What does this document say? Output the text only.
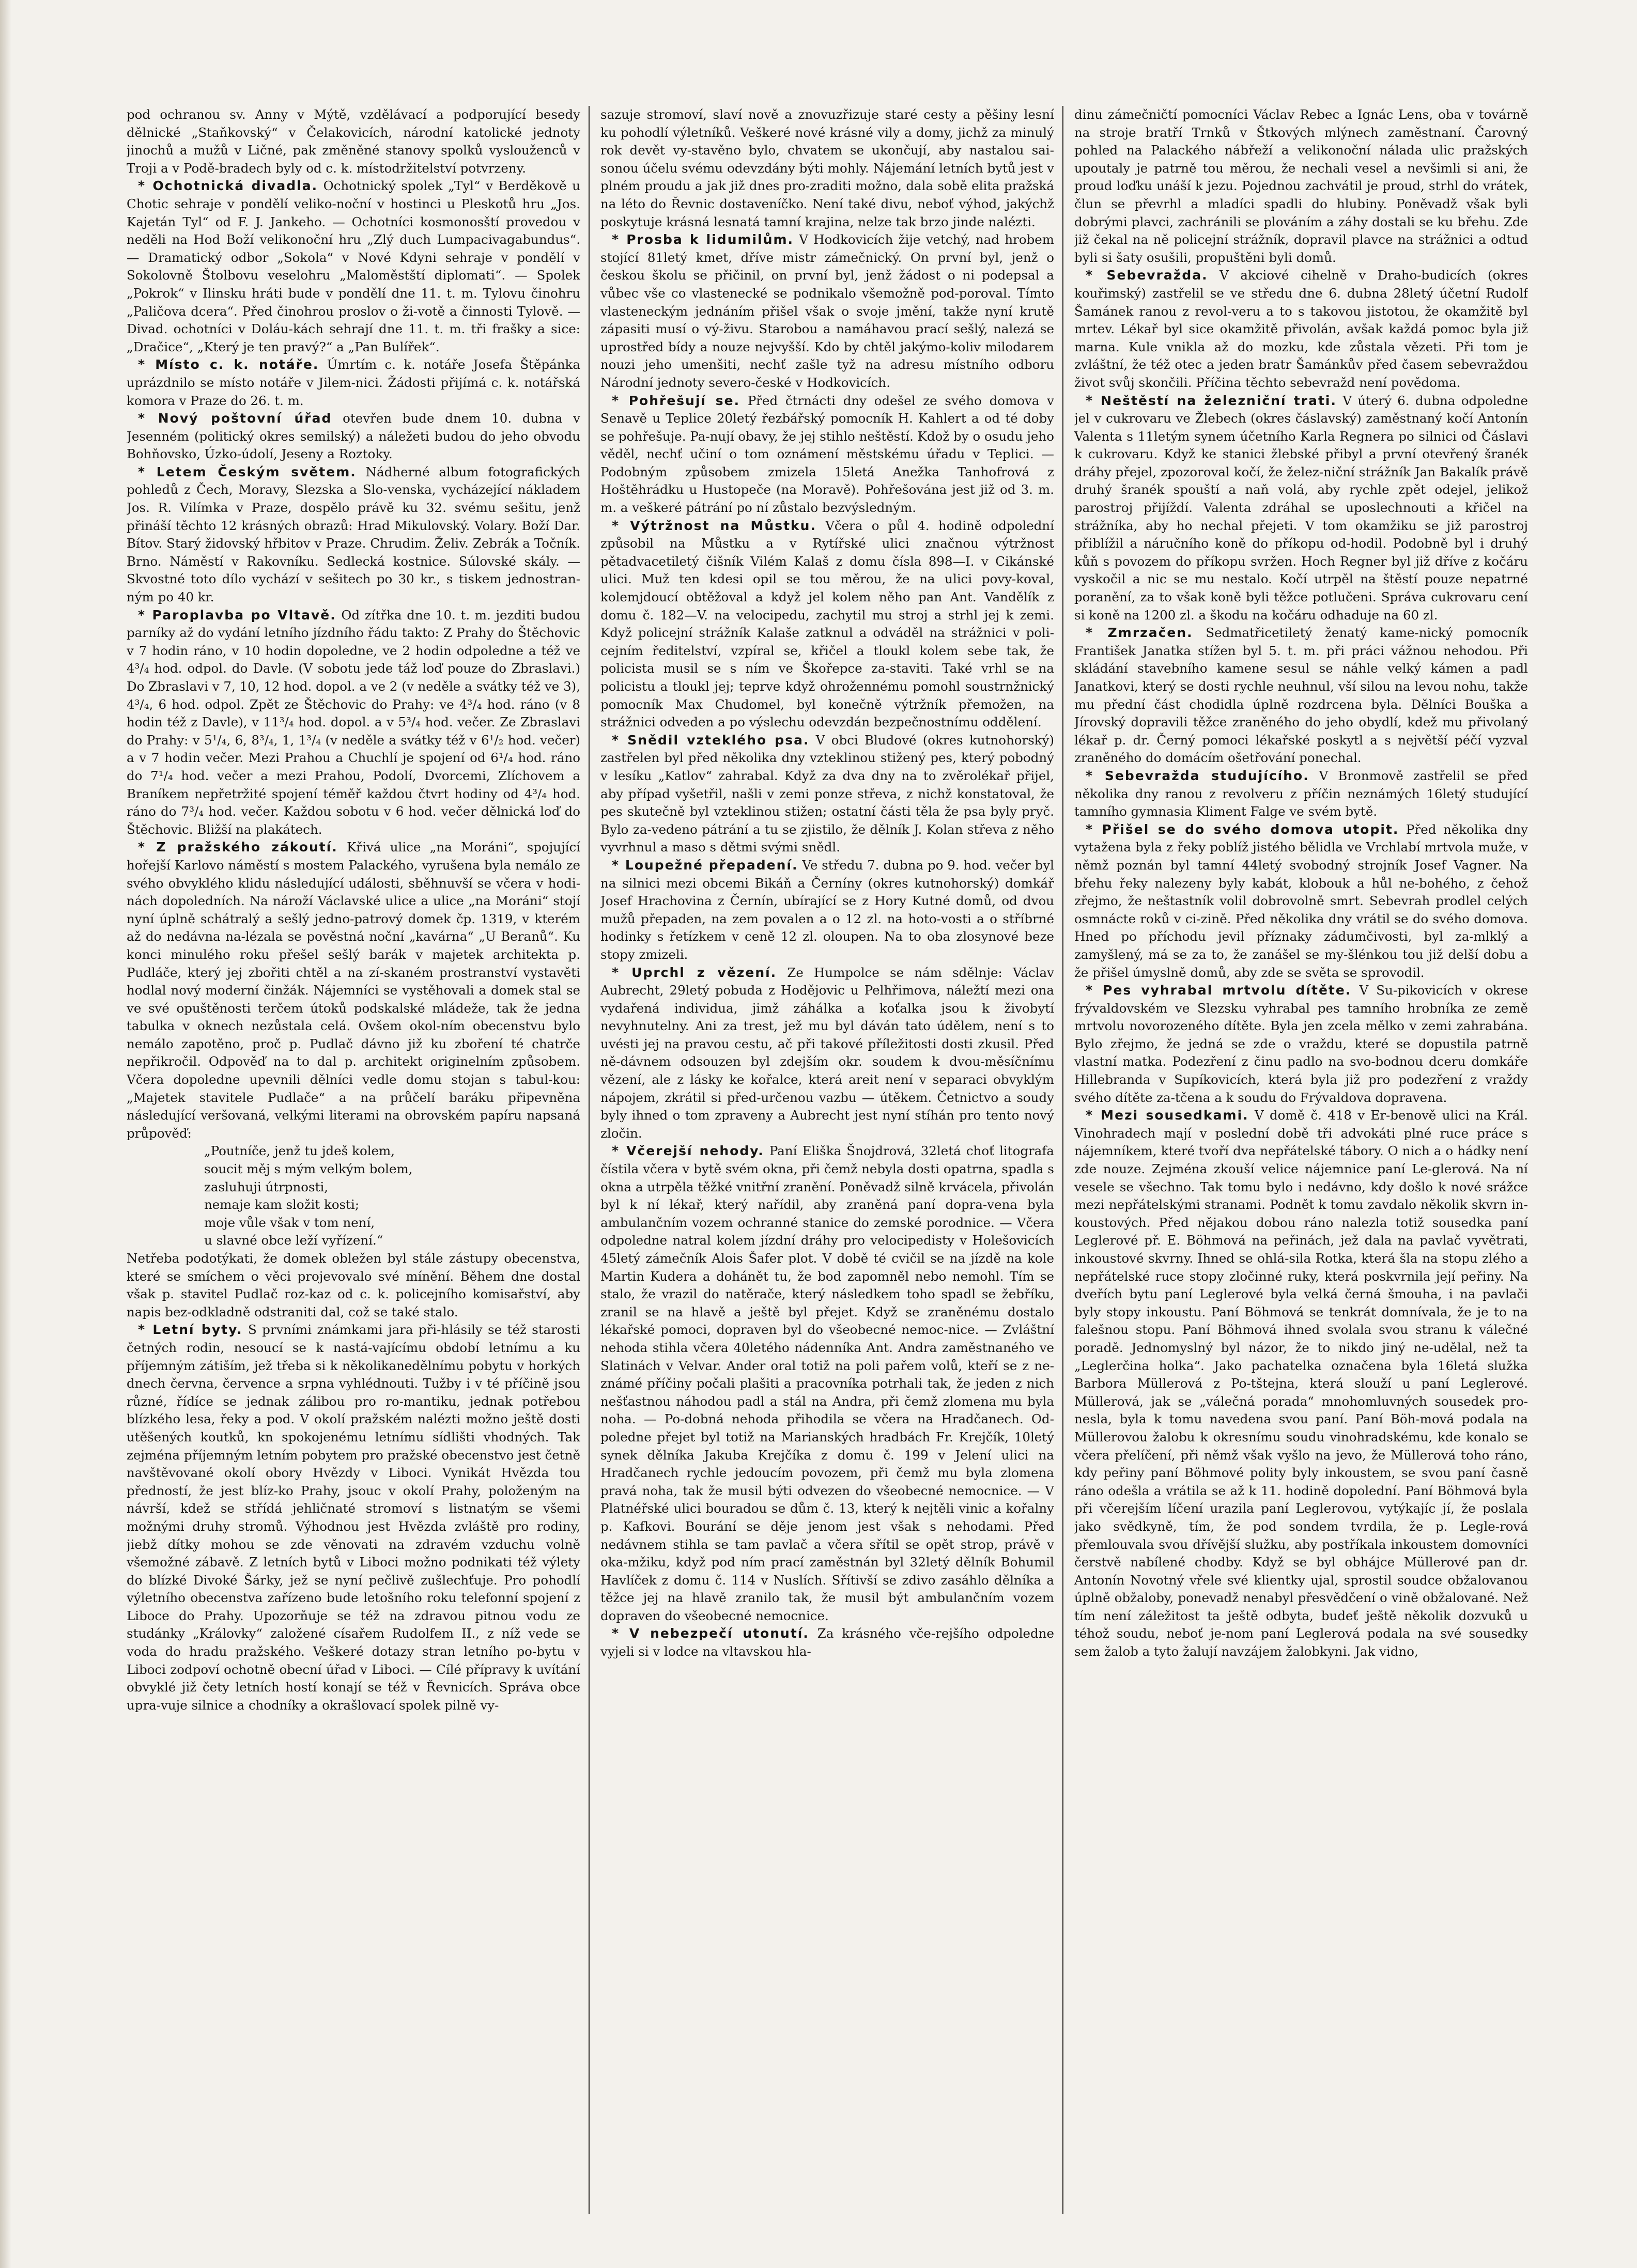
pod ochranou sv. Anny v Mýtě, vzdělávací a podporující besedy dělnické „Staňkovský“ v Čelakovicích, národní katolické jednoty jinochů a mužů v Ličné, pak změněné stanovy spolků vyslouženců v Troji a v Podě-bradech byly od c. k. místodržitelství potvrzeny.

* Ochotnická divadla. Ochotnický spolek „Tyl“ v Berděkově u Chotic sehraje v pondělí veliko-noční v hostinci u Pleskotů hru „Jos. Kajetán Tyl“ od F. J. Jankeho. — Ochotníci kosmonosští provedou v neděli na Hod Boží velikonoční hru „Zlý duch Lumpacivagabundus“. — Dramatický odbor „Sokola“ v Nové Kdyni sehraje v pondělí v Sokolovně Štolbovu veselohru „Maloměstští diplomati“. — Spolek „Pokrok“ v Ilinsku hráti bude v pondělí dne 11. t. m. Tylovu činohru „Paličova dcera“. Před činohrou proslov o ži-votě a činnosti Tylově. — Divad. ochotníci v Doláu-kách sehrají dne 11. t. m. tři frašky a sice: „Dračice“, „Který je ten pravý?“ a „Pan Bulířek“.

* Místo c. k. notáře. Úmrtím c. k. notáře Josefa Štěpánka uprázdnilo se místo notáře v Jilem-nici. Žádosti přijímá c. k. notářská komora v Praze do 26. t. m.

* Nový poštovní úřad otevřen bude dnem 10. dubna v Jesenném (politický okres semilský) a náležeti budou do jeho obvodu Bohňovsko, Úzko-údolí, Jeseny a Roztoky.

* Letem Českým světem. Nádherné album fotografických pohledů z Čech, Moravy, Slezska a Slo-venska, vycházející nákladem Jos. R. Vilímka v Praze, dospělo právě ku 32. svému sešitu, jenž přináší těchto 12 krásných obrazů: Hrad Mikulovský. Volary. Boží Dar. Bítov. Starý židovský hřbitov v Praze. Chrudim. Želiv. Zebrák a Točník. Brno. Náměstí v Rakovníku. Sedlecká kostnice. Súlovské skály. — Skvostné toto dílo vychází v sešitech po 30 kr., s tiskem jednostran-ným po 40 kr.

* Paroplavba po Vltavě. Od zítřka dne 10. t. m. jezditi budou parníky až do vydání letního jízdního řádu takto: Z Prahy do Štěchovic v 7 hodin ráno, v 10 hodin dopoledne, ve 2 hodin odpoledne a též ve 4³/₄ hod. odpol. do Davle. (V sobotu jede táž loď pouze do Zbraslavi.) Do Zbraslavi v 7, 10, 12 hod. dopol. a ve 2 (v neděle a svátky též ve 3), 4³/₄, 6 hod. odpol. Zpět ze Štěchovic do Prahy: ve 4³/₄ hod. ráno (v 8 hodin též z Davle), v 11³/₄ hod. dopol. a v 5³/₄ hod. večer. Ze Zbraslavi do Prahy: v 5¹/₄, 6, 8³/₄, 1, 1³/₄ (v neděle a svátky též v 6¹/₂ hod. večer) a v 7 hodin večer. Mezi Prahou a Chuchlí je spojení od 6¹/₄ hod. ráno do 7¹/₄ hod. večer a mezi Prahou, Podolí, Dvorcemi, Zlíchovem a Braníkem nepřetržité spojení téměř každou čtvrt hodiny od 4³/₄ hod. ráno do 7³/₄ hod. večer. Každou sobotu v 6 hod. večer dělnická loď do Štěchovic. Bližší na plakátech.

* Z pražského zákoutí. Křivá ulice „na Moráni“, spojující hořejší Karlovo náměstí s mostem Palackého, vyrušena byla nemálo ze svého obvyklého klidu následující události, sběhnuvší se včera v hodi-nách dopoledních. Na nároží Václavské ulice a ulice „na Moráni“ stojí nyní úplně schátralý a sešlý jedno-patrový domek čp. 1319, v kterém až do nedávna na-lézala se pověstná noční „kavárna“ „U Beranů“. Ku konci minulého roku přešel sešlý barák v majetek architekta p. Pudláče, který jej zbořiti chtěl a na zí-skaném prostranství vystavěti hodlal nový moderní činžák. Nájemníci se vystěhovali a domek stal se ve své opuštěnosti terčem útoků podskalské mládeže, tak že jedna tabulka v oknech nezůstala celá. Ovšem okol-ním obecenstvu bylo nemálo zapotěno, proč p. Pudlač dávno již ku zboření té chatrče nepřikročil. Odpověď na to dal p. architekt originelním způsobem. Včera dopoledne upevnili dělníci vedle domu stojan s tabul-kou: „Majetek stavitele Pudlače“ a na průčelí baráku připevněna následující veršovaná, velkými literami na obrovském papíru napsaná průpověď:

„Poutníče, jenž tu jdeš kolem,

soucit měj s mým velkým bolem,

zasluhuji útrpnosti,

nemaje kam složit kosti;

moje vůle však v tom není,

u slavné obce leží vyřízení.“

Netřeba podotýkati, že domek obležen byl stále zástupy obecenstva, které se smíchem o věci projevovalo své mínění. Během dne dostal však p. stavitel Pudlač roz-kaz od c. k. policejního komisařství, aby napis bez-odkladně odstraniti dal, což se také stalo.

* Letní byty. S prvními známkami jara při-hlásily se též starosti četných rodin, nesoucí se k nastá-vajícímu období letnímu a ku příjemným zátiším, jež třeba si k několikanedělnímu pobytu v horkých dnech června, července a srpna vyhlédnouti. Tužby i v té příčině jsou různé, řídíce se jednak zálibou pro ro-mantiku, jednak potřebou blízkého lesa, řeky a pod. V okolí pražském nalézti možno ještě dosti utěšených koutků, kn spokojenému letnímu sídlišti vhodných. Tak zejména příjemným letním pobytem pro pražské obecenstvo jest četně navštěvované okolí obory Hvězdy v Liboci. Vynikát Hvězda tou předností, že jest blíz-ko Prahy, jsouc v okolí Prahy, položeným na návrší, kdež se střídá jehličnaté stromoví s listnatým se všemi možnými druhy stromů. Výhodnou jest Hvězda zvláště pro rodiny, jiebž dítky mohou se zde věnovati na zdravém vzduchu volně všemožné zábavě. Z letních bytů v Liboci možno podnikati též výlety do blízké Divoké Šárky, jež se nyní pečlivě zušlechťuje. Pro pohodlí výletního obecenstva zařízeno bude letošního roku telefonní spojení z Liboce do Prahy. Upozorňuje se též na zdravou pitnou vodu ze studánky „Královky“ založené císařem Rudolfem II., z níž vede se voda do hradu pražského. Veškeré dotazy stran letního po-bytu v Liboci zodpoví ochotně obecní úřad v Liboci. — Cílé přípravy k uvítání obvyklé již čety letních hostí konají se též v Řevnicích. Správa obce upra-vuje silnice a chodníky a okrašlovací spolek pilně vy-

sazuje stromoví, slaví nově a znovuzřizuje staré cesty a pěšiny lesní ku pohodlí výletníků. Veškeré nové krásné vily a domy, jichž za minulý rok devět vy-stavěno bylo, chvatem se ukončují, aby nastalou sai-sonou účelu svému odevzdány býti mohly. Nájemání letních bytů jest v plném proudu a jak již dnes pro-zraditi možno, dala sobě elita pražská na léto do Řevnic dostaveníčko. Není také divu, neboť výhod, jakýchž poskytuje krásná lesnatá tamní krajina, nelze tak brzo jinde nalézti.

* Prosba k lidumilům. V Hodkovicích žije vetchý, nad hrobem stojící 81letý kmet, dříve mistr zámečnický. On první byl, jenž o českou školu se přičinil, on první byl, jenž žádost o ni podepsal a vůbec vše co vlastenecké se podnikalo všemožně pod-poroval. Tímto vlasteneckým jednáním přišel však o svoje jmění, takže nyní krutě zápasiti musí o vý-živu. Starobou a namáhavou prací sešlý, nalezá se uprostřed bídy a nouze nejvyšší. Kdo by chtěl jakýmo-koliv milodarem nouzi jeho umenšiti, nechť zašle tyž na adresu místního odboru Národní jednoty severo-české v Hodkovicích.

* Pohřešují se. Před čtrnácti dny odešel ze svého domova v Senavě u Teplice 20letý řezbářský pomocník H. Kahlert a od té doby se pohřešuje. Pa-nují obavy, že jej stihlo neštěstí. Kdož by o osudu jeho věděl, nechť učiní o tom oznámení městskému úřadu v Teplici. — Podobným způsobem zmizela 15letá Anežka Tanhofrová z Hoštěhrádku u Hustopeče (na Moravě). Pohřešována jest již od 3. m. m. a veškeré pátrání po ní zůstalo bezvýsledným.

* Výtržnost na Můstku. Včera o půl 4. hodině odpolední způsobil na Můstku a v Rytířské ulici značnou výtržnost pětadvacetiletý čišník Vilém Kalaš z domu čísla 898—I. v Cikánské ulici. Muž ten kdesi opil se tou měrou, že na ulici povy-koval, kolemjdoucí obtěžoval a když jel kolem něho pan Ant. Vandělík z domu č. 182—V. na velocipedu, zachytil mu stroj a strhl jej k zemi. Když policejní strážník Kalaše zatknul a odváděl na strážnici v poli-cejním ředitelství, vzpíral se, křičel a tloukl kolem sebe tak, že policista musil se s ním ve Škořepce za-staviti. Také vrhl se na policistu a tloukl jej; teprve když ohrožennému pomohl soustrnžnický pomocník Max Chudomel, byl konečně výtržník přemožen, na strážnici odveden a po výslechu odevzdán bezpečnostnímu oddělení.

* Snědil vzteklého psa. V obci Bludové (okres kutnohorský) zastřelen byl před několika dny vzteklinou stižený pes, který pobodný v lesíku „Katlov“ zahrabal. Když za dva dny na to zvěrolékař přijel, aby případ vyšetřil, našli v zemi ponze střeva, z nichž konstatoval, že pes skutečně byl vzteklinou stižen; ostatní části těla že psa byly pryč. Bylo za-vedeno pátrání a tu se zjistilo, že dělník J. Kolan střeva z něho vyvrhnul a maso s dětmi svými snědl.

* Loupežné přepadení. Ve středu 7. dubna po 9. hod. večer byl na silnici mezi obcemi Bikáň a Černíny (okres kutnohorský) domkář Josef Hrachovina z Černín, ubírající se z Hory Kutné domů, od dvou mužů přepaden, na zem povalen a o 12 zl. na hoto-vosti a o stříbrné hodinky s řetízkem v ceně 12 zl. oloupen. Na to oba zlosynové beze stopy zmizeli.

* Uprchl z vězení. Ze Humpolce se nám sdělnje: Václav Aubrecht, 29letý pobuda z Hodějovic u Pelhřimova, náležtí mezi ona vydařená individua, jimž záhálka a koťalka jsou k živobytí nevyhnutelny. Ani za trest, jež mu byl dáván tato údělem, není s to uvésti jej na pravou cestu, ač při takové příležitosti dosti zkusil. Před ně-dávnem odsouzen byl zdejším okr. soudem k dvou-měsíčnímu vězení, ale z lásky ke kořalce, která areit není v separaci obvyklým nápojem, zkrátil si před-určenou vazbu — útěkem. Četnictvo a soudy byly ihned o tom zpraveny a Aubrecht jest nyní stíhán pro tento nový zločin.

* Včerejší nehody. Paní Eliška Šnojdrová, 32letá choť litografa čístila včera v bytě svém okna, při čemž nebyla dosti opatrna, spadla s okna a utrpěla těžké vnitřní zranění. Poněvadž silně krvácela, přivolán byl k ní lékař, který nařídil, aby zraněná paní dopra-vena byla ambulančním vozem ochranné stanice do zemské porodnice. — Včera odpoledne natral kolem jízdní dráhy pro velocipedisty v Holešovicích 45letý zámečník Alois Šafer plot. V době té cvičil se na jízdě na kole Martin Kudera a dohánět tu, že bod zapomněl nebo nemohl. Tím se stalo, že vrazil do natěrače, který následkem toho spadl se žebříku, zranil se na hlavě a ještě byl přejet. Když se zraněnému dostalo lékařské pomoci, dopraven byl do všeobecné nemoc-nice. — Zvláštní nehoda stihla včera 40letého nádenníka Ant. Andra zaměstnaného ve Slatinách v Velvar. Ander oral totiž na poli pařem volů, kteří se z ne-známé příčiny počali plašiti a pracovníka potrhali tak, že jeden z nich nešťastnou náhodou padl a stál na Andra, při čemž zlomena mu byla noha. — Po-dobná nehoda přihodila se včera na Hradčanech. Od-poledne přejet byl totiž na Marianských hradbách Fr. Krejčík, 10letý synek dělníka Jakuba Krejčíka z domu č. 199 v Jelení ulici na Hradčanech rychle jedoucím povozem, při čemž mu byla zlomena pravá noha, tak že musil býti odvezen do všeobecné nemocnice. — V Platnéřské ulici bouradou se dům č. 13, který k nejtěli vinic a kořalny p. Kafkovi. Bourání se děje jenom jest však s nehodami. Před nedávnem stihla se tam pavlač a včera sřítil se opět strop, právě v oka-mžiku, když pod ním prací zaměstnán byl 32letý dělník Bohumil Havlíček z domu č. 114 v Nuslích. Sřítivší se zdivo zasáhlo dělníka a těžce jej na hlavě zranilo tak, že musil být ambulančním vozem dopraven do všeobecné nemocnice.

* V nebezpečí utonutí. Za krásného vče-rejšího odpoledne vyjeli si v lodce na vltavskou hla-

dinu zámečničtí pomocníci Václav Rebec a Ignác Lens, oba v továrně na stroje bratří Trnků v Štkových mlýnech zaměstnaní. Čarovný pohled na Palackého nábřeží a velikonoční nálada ulic pražských upoutaly je patrně tou měrou, že nechali vesel a nevšimli si ani, že proud loďku unáší k jezu. Pojednou zachvátil je proud, strhl do vrátek, člun se převrhl a mladíci spadli do hlubiny. Poněvadž však byli dobrými plavci, zachránili se plováním a záhy dostali se ku břehu. Zde již čekal na ně policejní strážník, dopravil plavce na strážnici a odtud byli si šaty osušili, propuštěni byli domů.

* Sebevražda. V akciové cihelně v Draho-budicích (okres kouřimský) zastřelil se ve středu dne 6. dubna 28letý účetní Rudolf Šamánek ranou z revol-veru a to s takovou jistotou, že okamžitě byl mrtev. Lékař byl sice okamžitě přivolán, avšak každá pomoc byla již marna. Kule vnikla až do mozku, kde zůstala vězeti. Při tom je zvláštní, že též otec a jeden bratr Šamánkův před časem sebevraždou život svůj skončili. Příčina těchto sebevražd není povědoma.

* Neštěstí na železniční trati. V úterý 6. dubna odpoledne jel v cukrovaru ve Žlebech (okres čáslavský) zaměstnaný kočí Antonín Valenta s 11letým synem účetního Karla Regnera po silnici od Čáslavi k cukrovaru. Když ke stanici žlebské přibyl a první otevřený šranék dráhy přejel, zpozoroval kočí, že želez-niční strážník Jan Bakalík právě druhý šranék spouští a naň volá, aby rychle zpět odejel, jelikož parostroj přijíždí. Valenta zdráhal se uposlechnouti a křičel na strážníka, aby ho nechal přejeti. V tom okamžiku se již parostroj přiblížil a náručního koně do příkopu od-hodil. Podobně byl i druhý kůň s povozem do příkopu svržen. Hoch Regner byl již dříve z kočáru vyskočil a nic se mu nestalo. Kočí utrpěl na štěstí pouze nepatrné poranění, za to však koně byli těžce potlučeni. Správa cukrovaru cení si koně na 1200 zl. a škodu na kočáru odhaduje na 60 zl.

* Zmrzačen. Sedmatřicetiletý ženatý kame-nický pomocník František Janatka stížen byl 5. t. m. při práci vážnou nehodou. Při skládání stavebního kamene sesul se náhle velký kámen a padl Janatkovi, který se dosti rychle neuhnul, vší silou na levou nohu, takže mu přední část chodidla úplně rozdrcena byla. Dělníci Bouška a Jírovský dopravili těžce zraněného do jeho obydlí, kdež mu přivolaný lékař p. dr. Černý pomoci lékařské poskytl a s největší péčí vyzval zraněného do domácím ošetřování ponechal.

* Sebevražda studujícího. V Bronmově zastřelil se před několika dny ranou z revolveru z příčin neznámých 16letý studující tamního gymnasia Kliment Falge ve svém bytě.

* Přišel se do svého domova utopit. Před několika dny vytažena byla z řeky poblíž jistého bělidla ve Vrchlabí mrtvola muže, v němž poznán byl tamní 44letý svobodný strojník Josef Vagner. Na břehu řeky nalezeny byly kabát, klobouk a hůl ne-bohého, z čehož zřejmo, že neštastník volil dobrovolně smrt. Sebevrah prodlel celých osmnácte roků v ci-zině. Před několika dny vrátil se do svého domova. Hned po příchodu jevil příznaky zádumčivosti, byl za-mlklý a zamyšlený, má se za to, že zanášel se my-šlénkou tou již delší dobu a že přišel úmyslně domů, aby zde se světa se sprovodil.

* Pes vyhrabal mrtvolu dítěte. V Su-pikovicích v okrese frývaldovském ve Slezsku vyhrabal pes tamního hrobníka ze země mrtvolu novorozeného dítěte. Byla jen zcela mělko v zemi zahrabána. Bylo zřejmo, že jedná se zde o vraždu, které se dopustila patrně vlastní matka. Podezření z činu padlo na svo-bodnou dceru domkáře Hillebranda v Supíkovicích, která byla již pro podezření z vraždy svého dítěte za-tčena a k soudu do Frývaldova dopravena.

* Mezi sousedkami. V domě č. 418 v Er-benově ulici na Král. Vinohradech mají v poslední době tři advokáti plné ruce práce s nájemníkem, které tvoří dva nepřátelské tábory. O nich a o hádky není zde nouze. Zejména zkouší velice nájemnice paní Le-glerová. Na ní vesele se všechno. Tak tomu bylo i nedávno, kdy došlo k nové srážce mezi nepřátelskými stranami. Podnět k tomu zavdalo několik skvrn in-koustových. Před nějakou dobou ráno nalezla totiž sousedka paní Leglerové př. E. Böhmová na peřinách, jež dala na pavlač vyvětrati, inkoustové skvrny. Ihned se ohlá-sila Rotka, která šla na stopu zlého a nepřátelské ruce stopy zločinné ruky, která poskvrnila její peřiny. Na dveřích bytu paní Leglerové byla velká černá šmouha, i na pavlači byly stopy inkoustu. Paní Böhmová se tenkrát domnívala, že je to na falešnou stopu. Paní Böhmová ihned svolala svou stranu k válečné poradě. Jednomyslný byl názor, že to nikdo jiný ne-udělal, než ta „Leglerčina holka“. Jako pachatelka označena byla 16letá služka Barbora Müllerová z Po-tštejna, která slouží u paní Leglerové. Müllerová, jak se „válečná porada“ mnohomluvných sousedek pro-nesla, byla k tomu navedena svou paní. Paní Böh-mová podala na Müllerovou žalobu k okresnímu soudu vinohradskému, kde konalo se včera přelíčení, při němž však vyšlo na jevo, že Müllerová toho ráno, kdy peřiny paní Böhmové polity byly inkoustem, se svou paní časně ráno odešla a vrátila se až k 11. hodině dopolední. Paní Böhmová byla při včerejším líčení urazila paní Leglerovou, vytýkajíc jí, že poslala jako svědkyně, tím, že pod sondem tvrdila, že p. Legle-rová přemlouvala svou dřívější služku, aby postříkala inkoustem domovníci čerstvě nabílené chodby. Když se byl obhájce Müllerové pan dr. Antonín Novotný vřele své klientky ujal, sprostil soudce obžalovanou úplně obžaloby, ponevadž nenabyl přesvědčení o vině obžalované. Než tím není záležitost ta ještě odbyta, budeť ještě několik dozvuků u téhož soudu, neboť je-nom paní Leglerová podala na své sousedky sem žalob a tyto žalují navzájem žalobkyni. Jak vidno,
